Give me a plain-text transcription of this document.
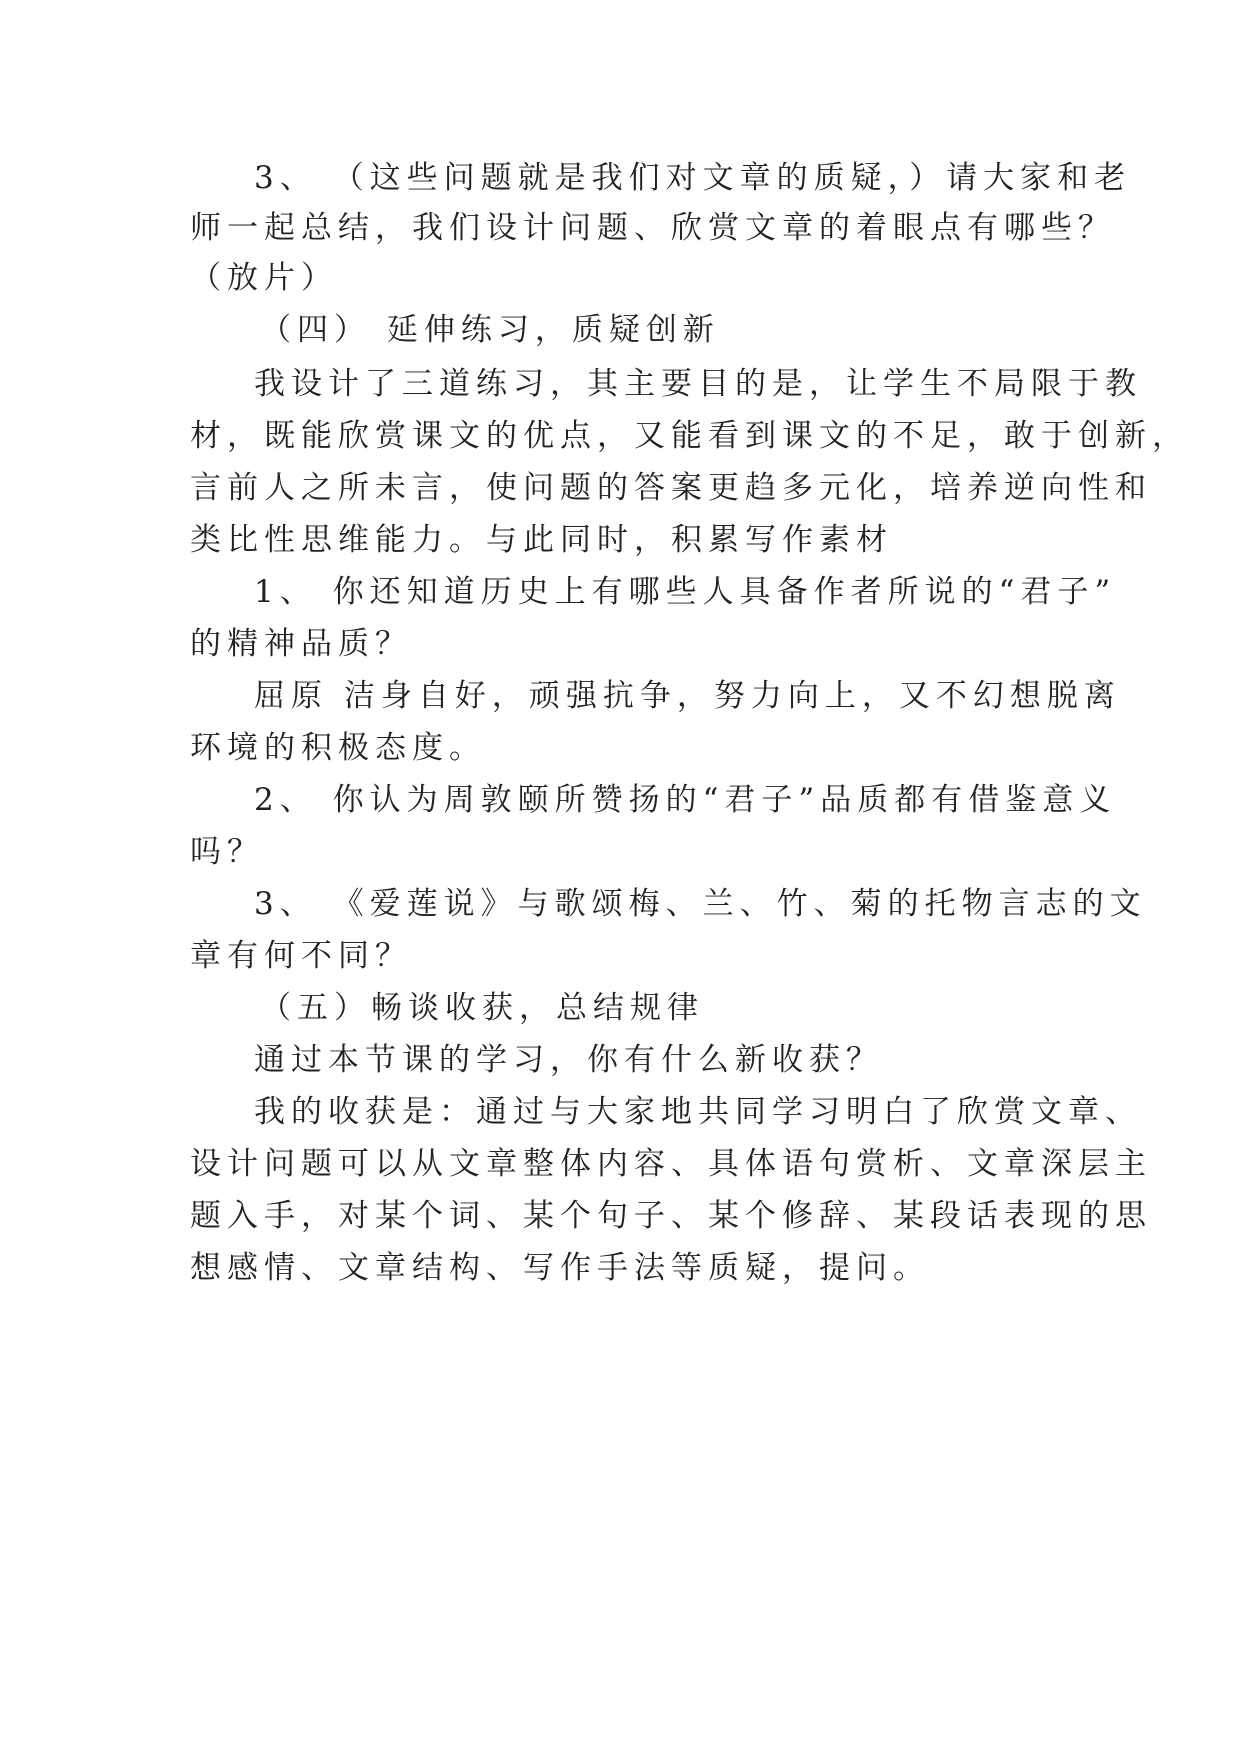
3、 （这些问题就是我们对文章的质疑，）请大家和老
师一起总结，我们设计问题、欣赏文章的着眼点有哪些？
（放片）
（四） 延伸练习，质疑创新
我设计了三道练习，其主要目的是，让学生不局限于教
材，既能欣赏课文的优点，又能看到课文的不足，敢于创新，
言前人之所未言，使问题的答案更趋多元化，培养逆向性和
类比性思维能力。与此同时，积累写作素材
1、 你还知道历史上有哪些人具备作者所说的“君子”
的精神品质？
屈原 洁身自好，顽强抗争，努力向上，又不幻想脱离
环境的积极态度。
2、 你认为周敦颐所赞扬的“君子”品质都有借鉴意义
吗？
3、 《爱莲说》与歌颂梅、兰、竹、菊的托物言志的文
章有何不同？
（五）畅谈收获，总结规律
通过本节课的学习，你有什么新收获？
我的收获是：通过与大家地共同学习明白了欣赏文章、
设计问题可以从文章整体内容、具体语句赏析、文章深层主
题入手，对某个词、某个句子、某个修辞、某段话表现的思
想感情、文章结构、写作手法等质疑，提问。
